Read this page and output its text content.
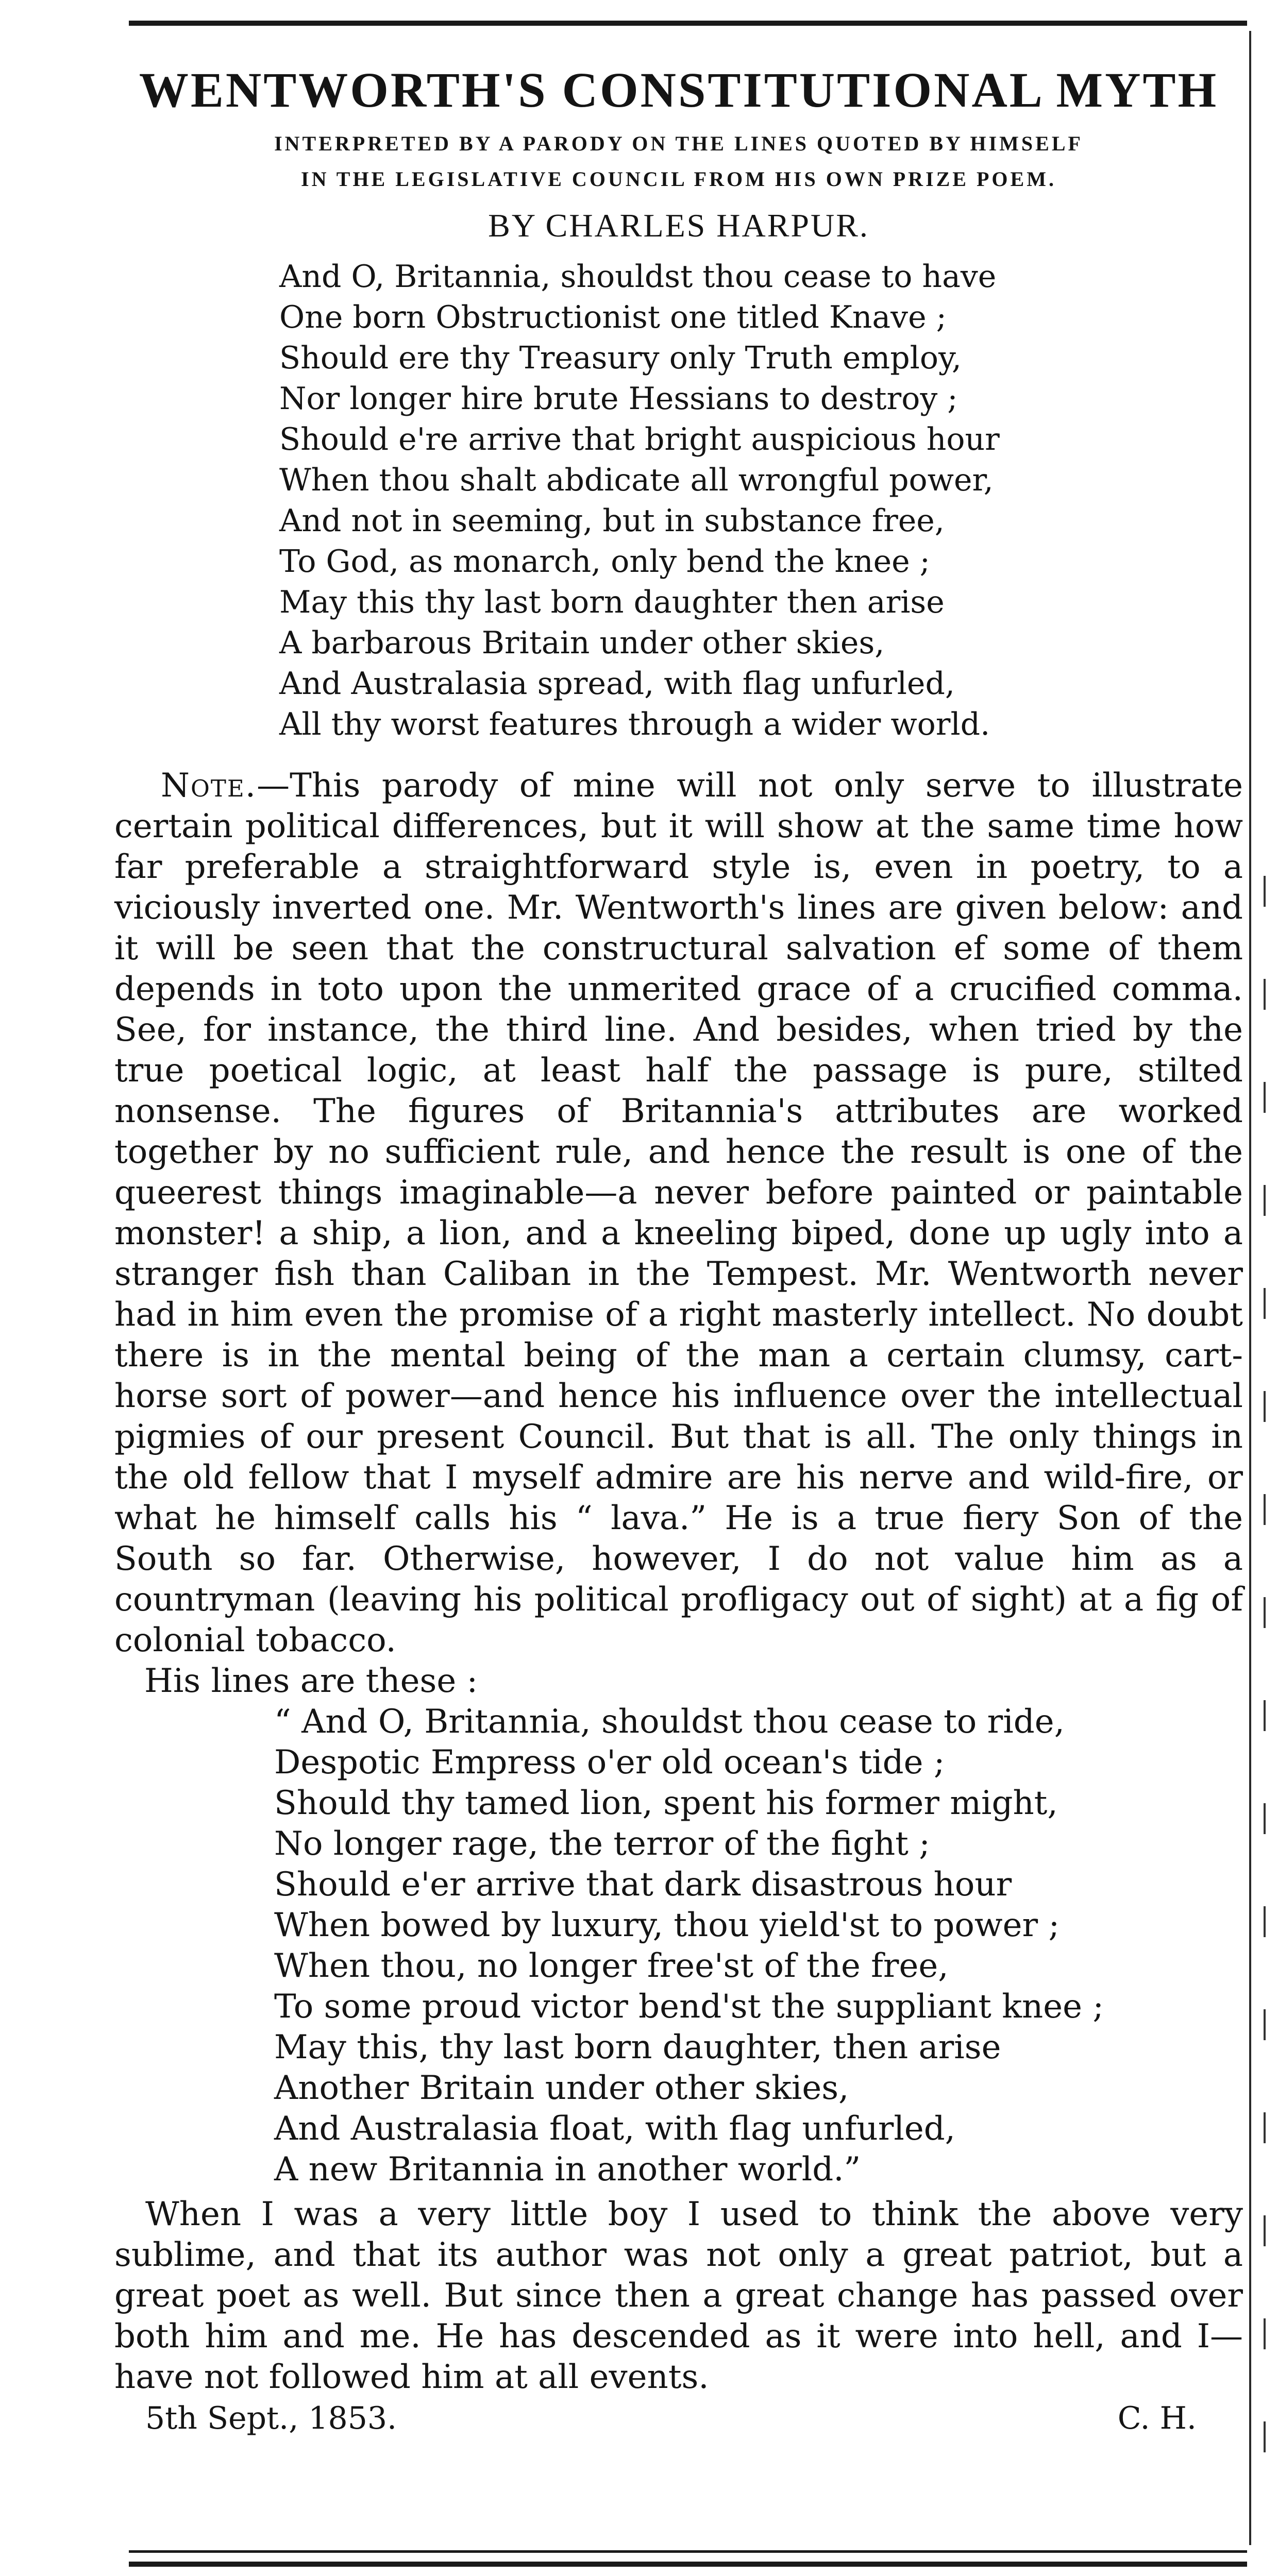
WENTWORTH'S CONSTITUTIONAL MYTH
INTERPRETED BY A PARODY ON THE LINES QUOTED BY HIMSELF
IN THE LEGISLATIVE COUNCIL FROM HIS OWN PRIZE POEM.
BY CHARLES HARPUR.
And O, Britannia, shouldst thou cease to have
One born Obstructionist one titled Knave ;
Should ere thy Treasury only Truth employ,
Nor longer hire brute Hessians to destroy ;
Should e're arrive that bright auspicious hour
When thou shalt abdicate all wrongful power,
And not in seeming, but in substance free,
To God, as monarch, only bend the knee ;
May this thy last born daughter then arise
A barbarous Britain under other skies,
And Australasia spread, with flag unfurled,
All thy worst features through a wider world.

Note.—This parody of mine will not only serve to illustrate certain political differences, but it will show at the same time how far preferable a straightforward style is, even in poetry, to a viciously inverted one. Mr. Wentworth's lines are given below: and it will be seen that the constructural salvation ef some of them depends in toto upon the unmerited grace of a crucified comma. See, for instance, the third line. And besides, when tried by the true poetical logic, at least half the passage is pure, stilted nonsense. The figures of Britannia's attributes are worked together by no sufficient rule, and hence the result is one of the queerest things imaginable—a never before painted or paintable monster! a ship, a lion, and a kneeling biped, done up ugly into a stranger fish than Caliban in the Tempest. Mr. Wentworth never had in him even the promise of a right masterly intellect. No doubt there is in the mental being of the man a certain clumsy, cart-horse sort of power—and hence his influence over the intellectual pigmies of our present Council. But that is all. The only things in the old fellow that I myself admire are his nerve and wild-fire, or what he himself calls his “ lava.” He is a true fiery Son of the South so far. Otherwise, however, I do not value him as a countryman (leaving his political profligacy out of sight) at a fig of colonial tobacco.

His lines are these :

“ And O, Britannia, shouldst thou cease to ride,
Despotic Empress o'er old ocean's tide ;
Should thy tamed lion, spent his former might,
No longer rage, the terror of the fight ;
Should e'er arrive that dark disastrous hour
When bowed by luxury, thou yield'st to power ;
When thou, no longer free'st of the free,
To some proud victor bend'st the suppliant knee ;
May this, thy last born daughter, then arise
Another Britain under other skies,
And Australasia float, with flag unfurled,
A new Britannia in another world.”

When I was a very little boy I used to think the above very sublime, and that its author was not only a great patriot, but a great poet as well. But since then a great change has passed over both him and me. He has descended as it were into hell, and I—have not followed him at all events.

5th Sept., 1853.	C. H.
